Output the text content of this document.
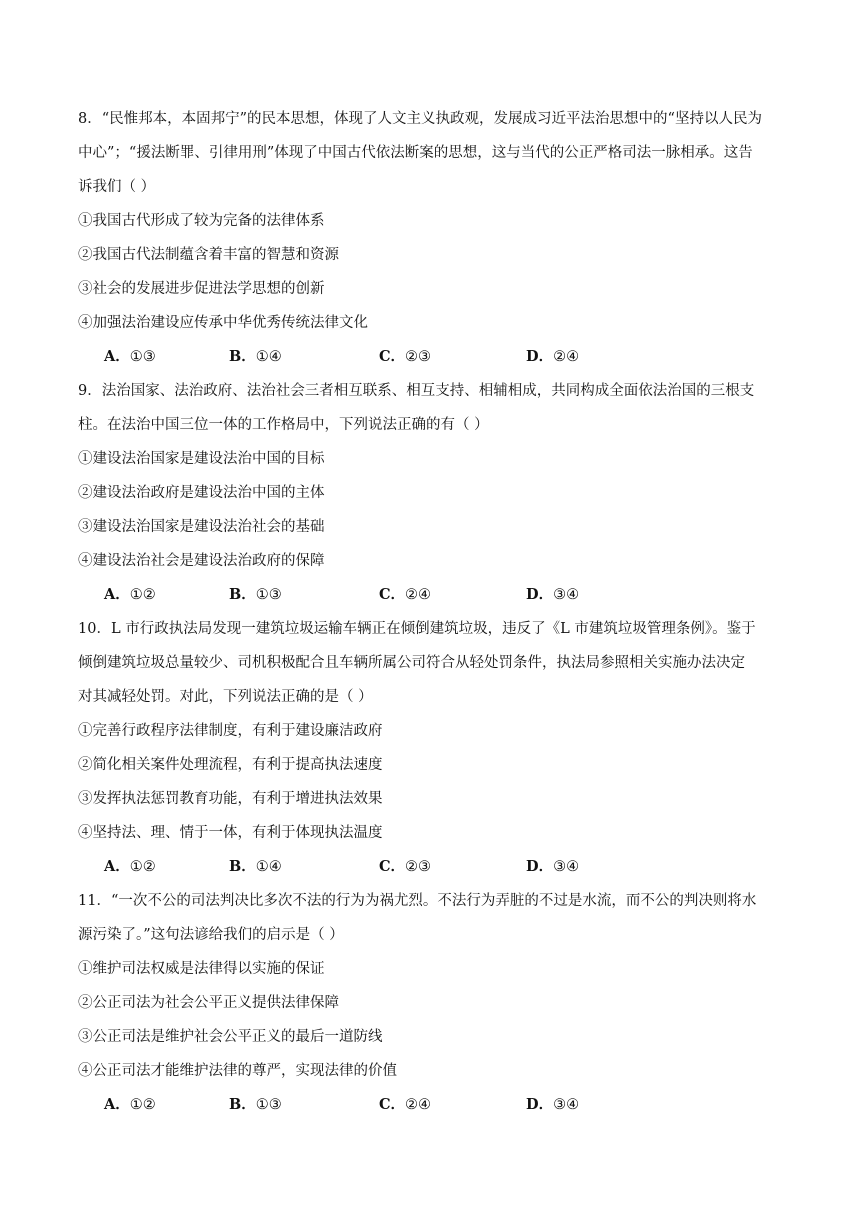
8．“民惟邦本，本固邦宁”的民本思想，体现了人文主义执政观，发展成习近平法治思想中的“坚持以人民为
中心”；“援法断罪、引律用刑”体现了中国古代依法断案的思想，这与当代的公正严格司法一脉相承。这告
诉我们（ ）
①我国古代形成了较为完备的法律体系
②我国古代法制蕴含着丰富的智慧和资源
③社会的发展进步促进法学思想的创新
④加强法治建设应传承中华优秀传统法律文化
A．①③	B．①④	C．②③	D．②④
9．法治国家、法治政府、法治社会三者相互联系、相互支持、相辅相成，共同构成全面依法治国的三根支
柱。在法治中国三位一体的工作格局中，下列说法正确的有（ ）
①建设法治国家是建设法治中国的目标
②建设法治政府是建设法治中国的主体
③建设法治国家是建设法治社会的基础
④建设法治社会是建设法治政府的保障
A．①②	B．①③	C．②④	D．③④
10．L 市行政执法局发现一建筑垃圾运输车辆正在倾倒建筑垃圾，违反了《L 市建筑垃圾管理条例》。鉴于
倾倒建筑垃圾总量较少、司机积极配合且车辆所属公司符合从轻处罚条件，执法局参照相关实施办法决定
对其减轻处罚。对此，下列说法正确的是（ ）
①完善行政程序法律制度，有利于建设廉洁政府
②简化相关案件处理流程，有利于提高执法速度
③发挥执法惩罚教育功能，有利于增进执法效果
④坚持法、理、情于一体，有利于体现执法温度
A．①②	B．①④	C．②③	D．③④
11．“一次不公的司法判决比多次不法的行为为祸尤烈。不法行为弄脏的不过是水流，而不公的判决则将水
源污染了。”这句法谚给我们的启示是（ ）
①维护司法权威是法律得以实施的保证
②公正司法为社会公平正义提供法律保障
③公正司法是维护社会公平正义的最后一道防线
④公正司法才能维护法律的尊严，实现法律的价值
A．①②	B．①③	C．②④	D．③④
